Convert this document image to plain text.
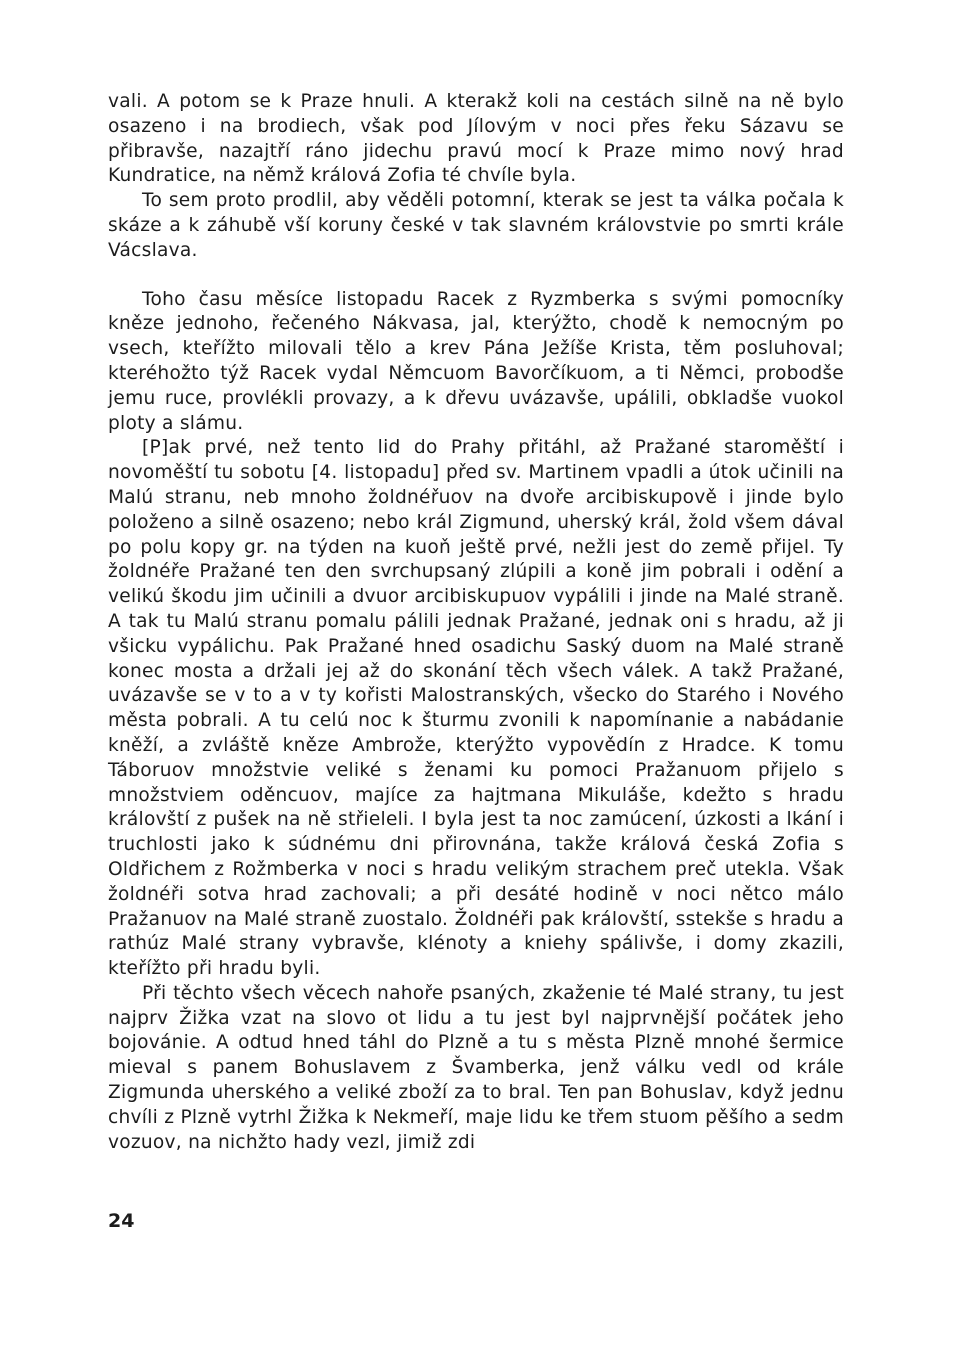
vali. A potom se k Praze hnuli. A kterakž koli na cestách silně na ně bylo osazeno i na brodiech, však pod Jílovým v noci přes řeku Sázavu se přibravše, nazajtří ráno jidechu pravú mocí k Praze mimo nový hrad Kundratice, na němž králová Zofia té chvíle byla.

To sem proto prodlil, aby věděli potomní, kterak se jest ta válka počala k skáze a k záhubě vší koruny české v tak slavném královstvie po smrti krále Vácslava.

Toho času měsíce listopadu Racek z Ryzmberka s svými pomocníky kněze jednoho, řečeného Nákvasa, jal, kterýžto, chodě k nemocným po vsech, kteřížto milovali tělo a krev Pána Ježíše Krista, těm posluhoval; kteréhožto týž Racek vydal Němcuom Bavorčíkuom, a ti Němci, probodše jemu ruce, provlékli provazy, a k dřevu uvázavše, upálili, obkladše vuokol ploty a slámu.

[P]ak prvé, než tento lid do Prahy přitáhl, až Pražané staroměští i novoměští tu sobotu [4. listopadu] před sv. Martinem vpadli a útok učinili na Malú stranu, neb mnoho žoldnéřuov na dvoře arcibiskupově i jinde bylo položeno a silně osazeno; nebo král Zigmund, uherský král, žold všem dával po polu kopy gr. na týden na kuoň ještě prvé, nežli jest do země přijel. Ty žoldnéře Pražané ten den svrchupsaný zlúpili a koně jim pobrali i odění a velikú škodu jim učinili a dvuor arcibiskupuov vypálili i jinde na Malé straně. A tak tu Malú stranu pomalu pálili jednak Pražané, jednak oni s hradu, až ji všicku vypálichu. Pak Pražané hned osadichu Saský duom na Malé straně konec mosta a držali jej až do skonání těch všech válek. A takž Pražané, uvázavše se v to a v ty kořisti Malostranských, všecko do Starého i Nového města pobrali. A tu celú noc k šturmu zvonili k napomínanie a nabádanie kněží, a zvláště kněze Ambrože, kterýžto vypovědín z Hradce. K tomu Táboruov množstvie veliké s ženami ku pomoci Pražanuom přijelo s množstviem oděncuov, majíce za hajtmana Mikuláše, kdežto s hradu královští z pušek na ně střieleli. I byla jest ta noc zamúcení, úzkosti a lkání i truchlosti jako k súdnému dni přirovnána, takže králová česká Zofia s Oldřichem z Rožmberka v noci s hradu velikým strachem preč utekla. Však žoldnéři sotva hrad zachovali; a při desáté hodině v noci nětco málo Pražanuov na Malé straně zuostalo. Žoldnéři pak královští, sstekše s hradu a rathúz Malé strany vybravše, klénoty a kniehy spálivše, i domy zkazili, kteřížto při hradu byli.

Při těchto všech věcech nahoře psaných, zkaženie té Malé strany, tu jest najprv Žižka vzat na slovo ot lidu a tu jest byl najprvnější počátek jeho bojovánie. A odtud hned táhl do Plzně a tu s města Plzně mnohé šermice mieval s panem Bohuslavem z Švamberka, jenž válku vedl od krále Zigmunda uherského a veliké zboží za to bral. Ten pan Bohuslav, když jednu chvíli z Plzně vytrhl Žižka k Nekmeří, maje lidu ke třem stuom pěšího a sedm vozuov, na nichžto hady vezl, jimiž zdi

24
